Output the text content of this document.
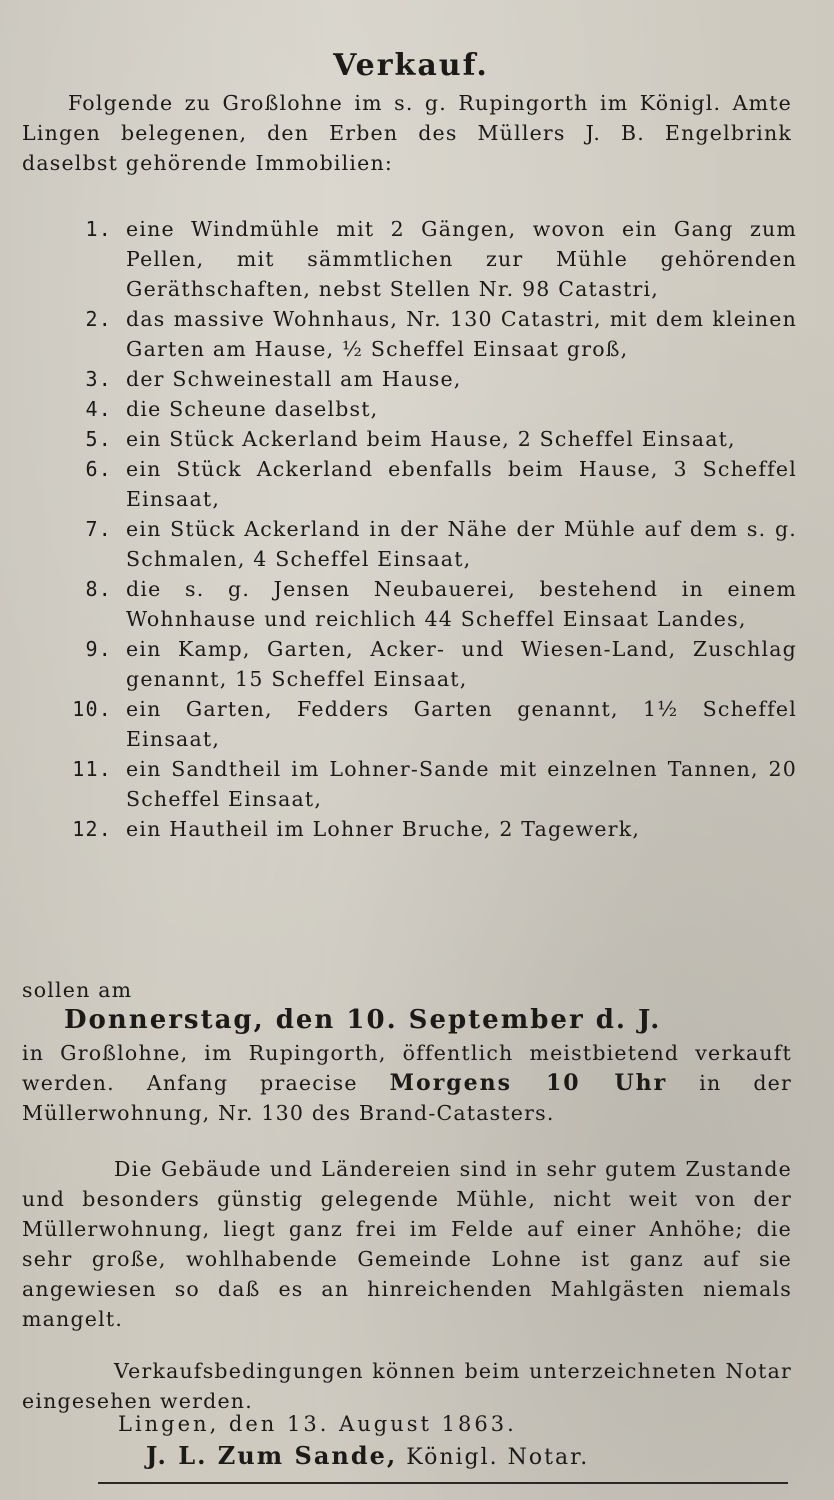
Verkauf.
Folgende zu Großlohne im s. g. Rupingorth im Königl. Amte Lingen belegenen, den Erben des Müllers J. B. Engelbrink daselbst gehörende Immobilien:
1. eine Windmühle mit 2 Gängen, wovon ein Gang zum Pellen, mit sämmtlichen zur Mühle gehörenden Geräthschaften, nebst Stellen Nr. 98 Catastri,
2. das massive Wohnhaus, Nr. 130 Catastri, mit dem kleinen Garten am Hause, ½ Scheffel Einsaat groß,
3. der Schweinestall am Hause,
4. die Scheune daselbst,
5. ein Stück Ackerland beim Hause, 2 Scheffel Einsaat,
6. ein Stück Ackerland ebenfalls beim Hause, 3 Scheffel Einsaat,
7. ein Stück Ackerland in der Nähe der Mühle auf dem s. g. Schmalen, 4 Scheffel Einsaat,
8. die s. g. Jensen Neubauerei, bestehend in einem Wohnhause und reichlich 44 Scheffel Einsaat Landes,
9. ein Kamp, Garten, Acker- und Wiesen-Land, Zuschlag genannt, 15 Scheffel Einsaat,
10. ein Garten, Fedders Garten genannt, 1½ Scheffel Einsaat,
11. ein Sandtheil im Lohner-Sande mit einzelnen Tannen, 20 Scheffel Einsaat,
12. ein Hautheil im Lohner Bruche, 2 Tagewerk,
sollen am
Donnerstag, den 10. September d. J.
in Großlohne, im Rupingorth, öffentlich meistbietend verkauft werden. Anfang praecise Morgens 10 Uhr in der Müllerwohnung, Nr. 130 des Brand-Catasters.
Die Gebäude und Ländereien sind in sehr gutem Zustande und besonders günstig gelegende Mühle, nicht weit von der Müllerwohnung, liegt ganz frei im Felde auf einer Anhöhe; die sehr große, wohlhabende Gemeinde Lohne ist ganz auf sie angewiesen so daß es an hinreichenden Mahlgästen niemals mangelt.
Verkaufsbedingungen können beim unterzeichneten Notar eingesehen werden.
Lingen, den 13. August 1863.
J. L. Zum Sande, Königl. Notar.
